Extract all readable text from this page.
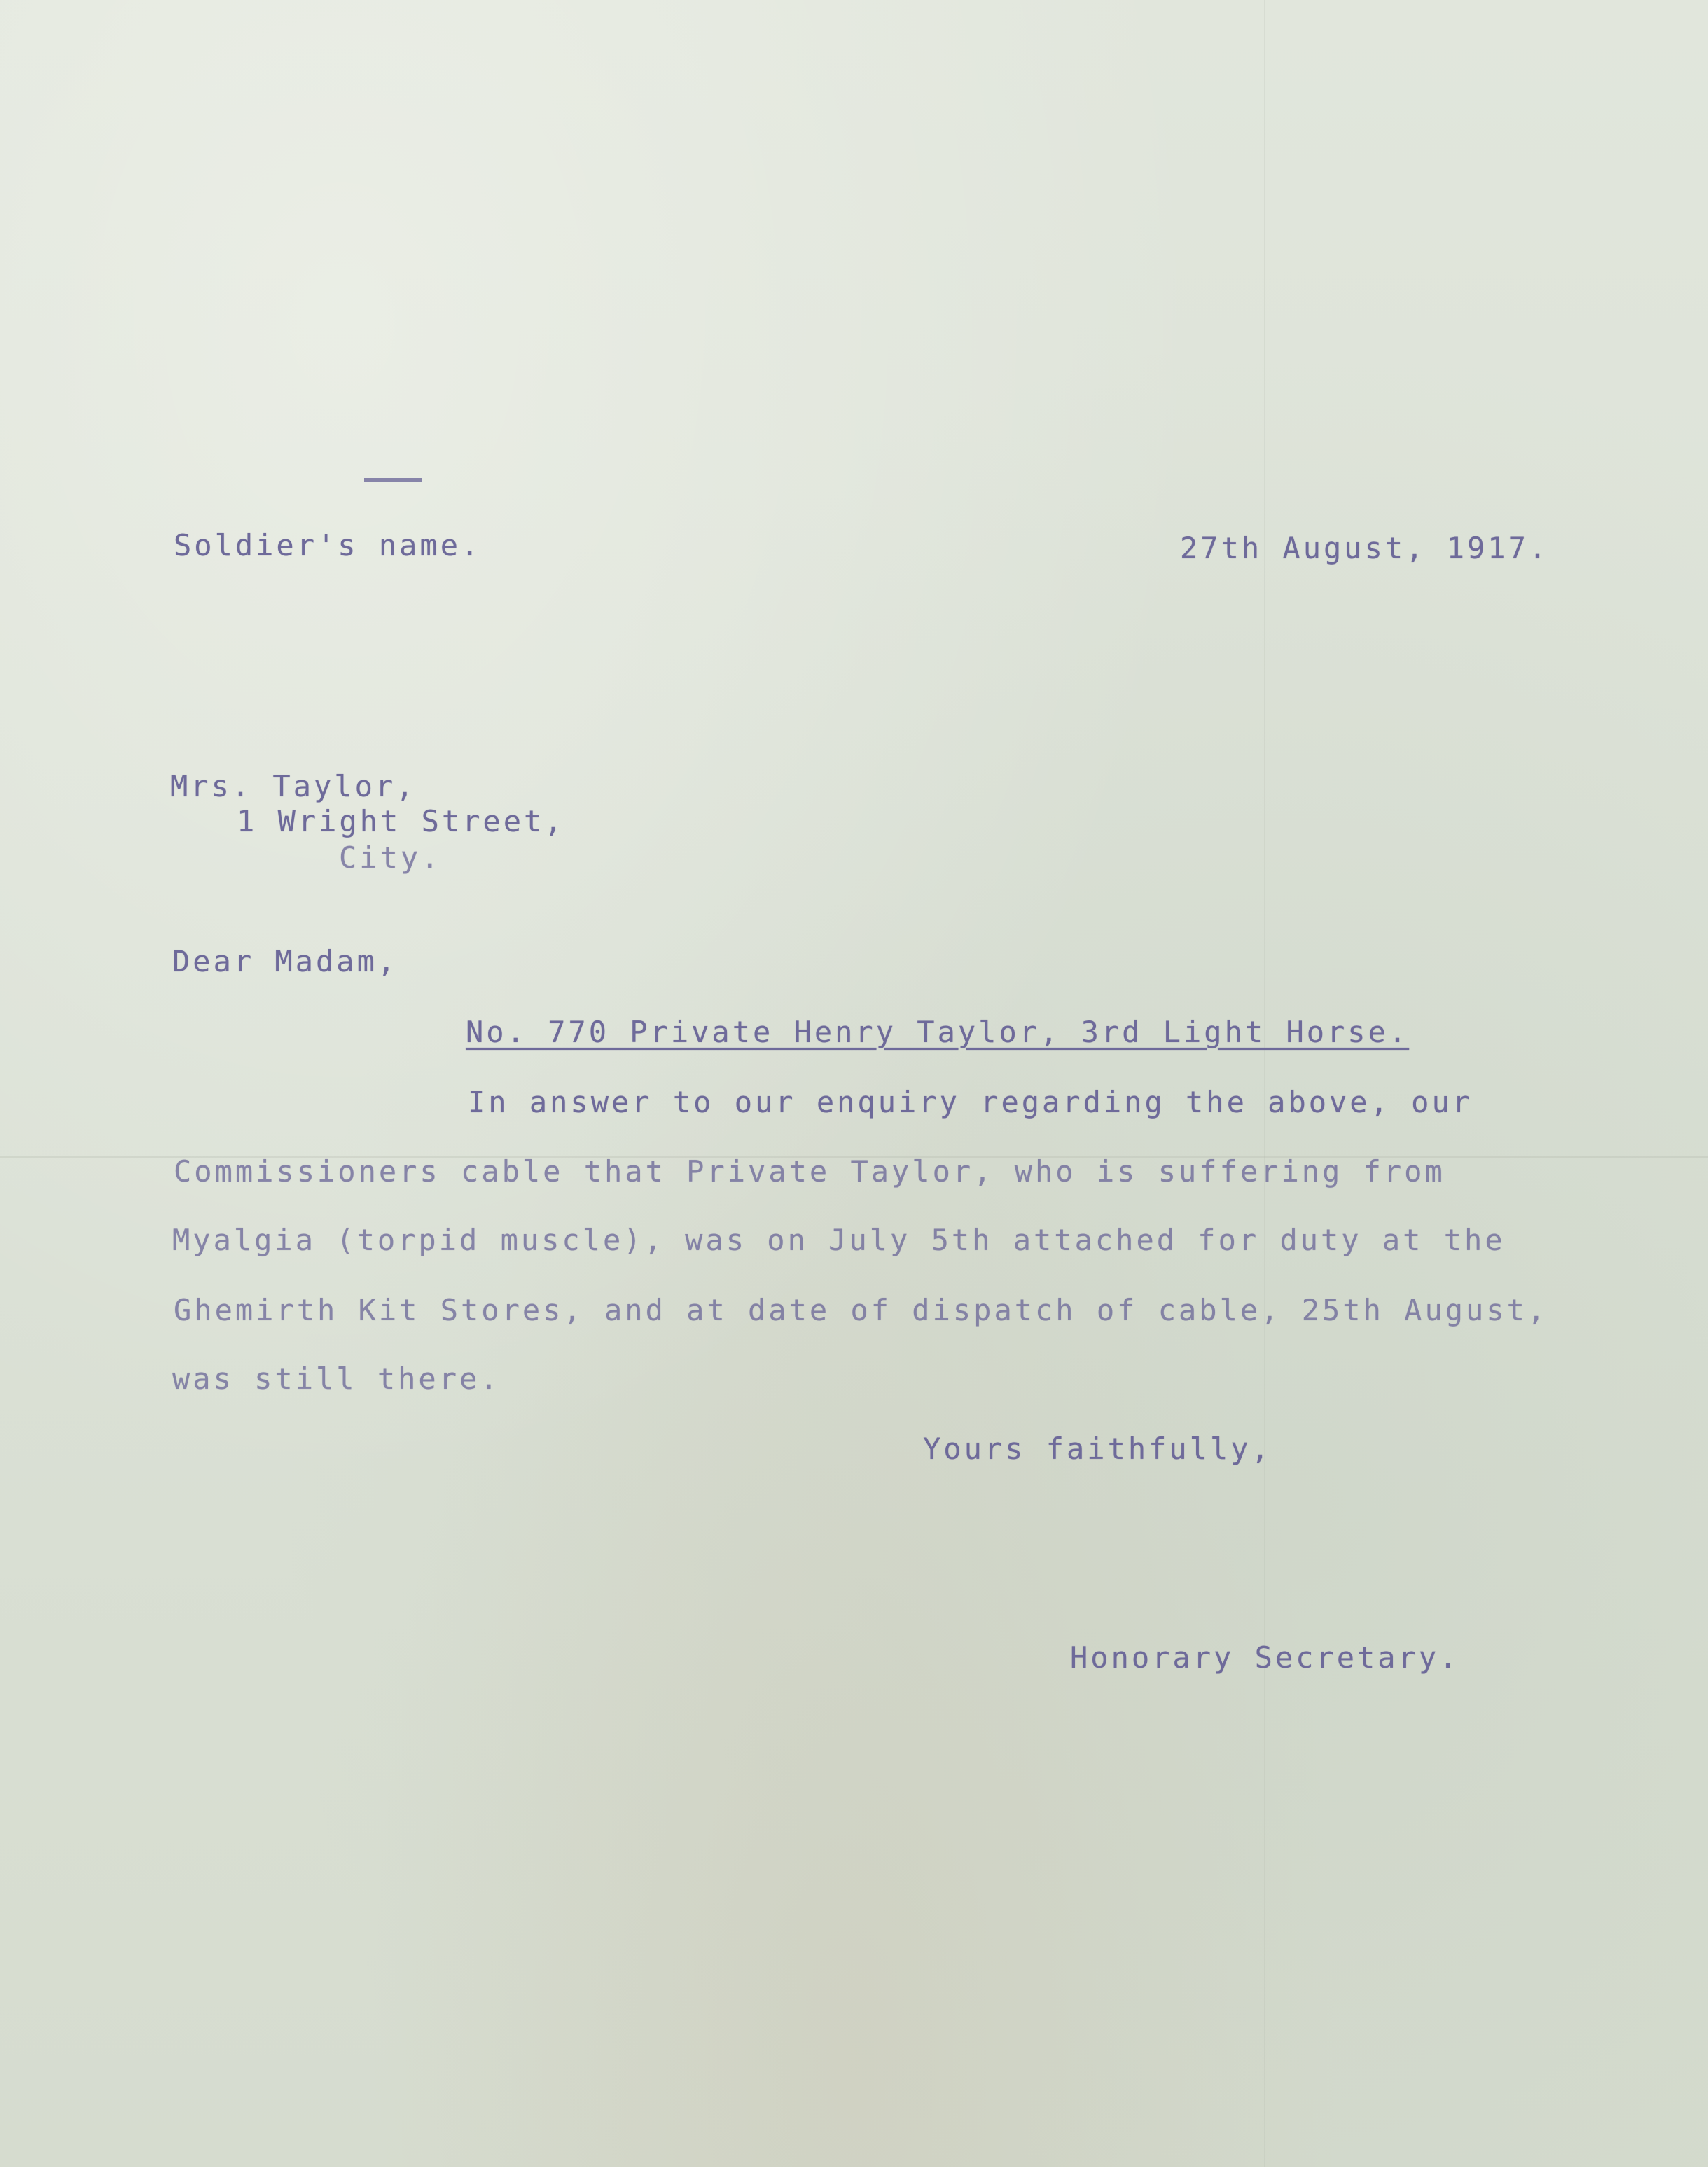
Soldier's name.	27th August, 1917.
Mrs. Taylor,
1 Wright Street,
City.
Dear Madam,
No. 770 Private Henry Taylor, 3rd Light Horse.
In answer to our enquiry regarding the above, our
Commissioners cable that Private Taylor, who is suffering from
Myalgia (torpid muscle), was on July 5th attached for duty at the
Ghemirth Kit Stores, and at date of dispatch of cable, 25th August,
was still there.
Yours faithfully,
Honorary Secretary.
